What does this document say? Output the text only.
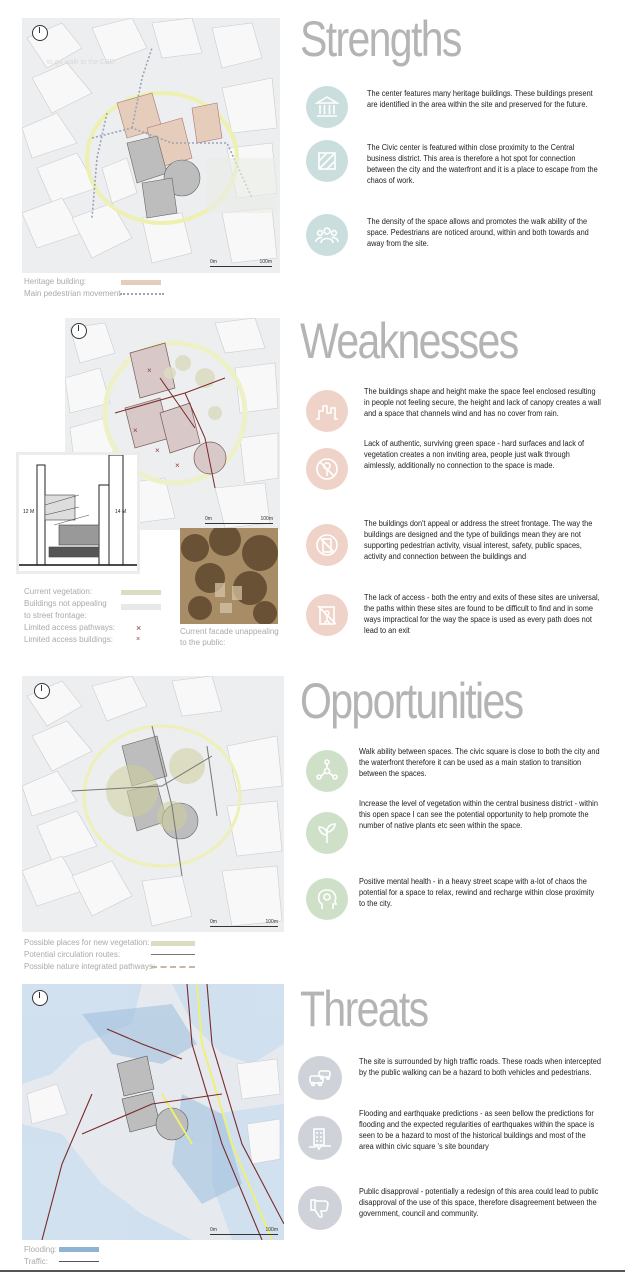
to go walk to the CBD
0m	100m
Heritage building:
Main pedestrian movement
Strengths
The center features many heritage buildings. These buildings present are identified in the area within the site and preserved for the future.
The Civic center is featured within close proximity to the Central business district. This area is therefore a hot spot for connection between the city and the waterfront and it is a place to escape from the chaos of work.
The density of the space allows and promotes the walk ability of the space. Pedestrians are noticed around, within and both towards and away from the site.
×
×
×
×
0m	100m
12 M	14 M
Current vegetation:
Buildings not appealing
to street frontage:
Limited access pathways: ×
Limited access buildings:	×
Current facade unappealing
to the public:
Weaknesses
The buildings shape and height make the space feel enclosed resulting in people not feeling secure, the height and lack of canopy creates a wall and a space that channels wind and has no cover from rain.
Lack of authentic, surviving green space - hard surfaces and lack of vegetation creates a non inviting area, people just walk through aimlessly, additionally no connection to the space is made.
The buildings don't appeal or address the street frontage. The way the buildings are designed and the type of buildings mean they are not supporting pedestrian activity, visual interest, safety, public spaces, activity and connection between the buildings and
The lack of access - both the entry and exits of these sites are universal, the paths within these sites are found to be difficult to find and in some ways impractical for the way the space is used as every path does not lead to an exit
0m	100m
Possible places for new vegetation:
Potential circulation routes:
Possible nature integrated pathways:
Opportunities
Walk ability between spaces. The civic square is close to both the city and the waterfront therefore it can be used as a main station to transition between the spaces.
Increase the level of vegetation within the central business district - within this open space I can see the potential opportunity to help promote the number of native plants etc seen within the space.
Positive mental health - in a heavy street scape with a-lot of chaos the potential for a space to relax, rewind and recharge within close proximity to the city.
0m	100m
Flooding:
Traffic:
Threats
The site is surrounded by high traffic roads. These roads when intercepted by the public walking can be a hazard to both vehicles and pedestrians.
Flooding and earthquake predictions - as seen bellow the predictions for flooding and the expected regularities of earthquakes within the space is seen to be a hazard to most of the historical buildings and most of the area within civic square 's site boundary
Public disapproval - potentially a redesign of this area could lead to public disapproval of the use of this space, therefore disagreement between the government, council and community.
